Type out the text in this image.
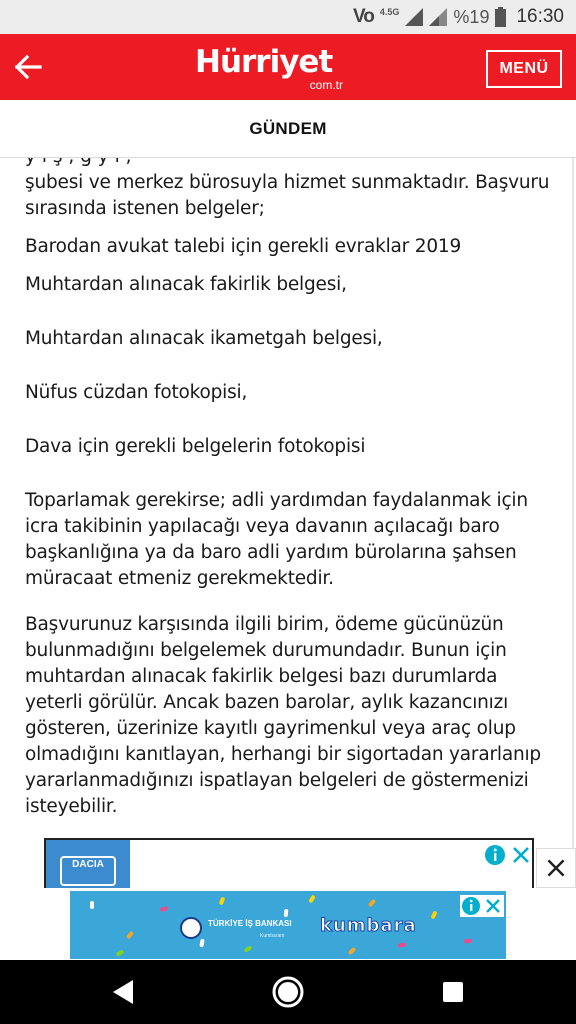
Vo 4.5G	%19 16:30
Hürriyet
com.tr
MENÜ
GÜNDEM
şubesi ve merkez bürosuyla hizmet sunmaktadır. Başvuru
sırasında istenen belgeler;
Barodan avukat talebi için gerekli evraklar 2019
Muhtardan alınacak fakirlik belgesi,
Muhtardan alınacak ikametgah belgesi,
Nüfus cüzdan fotokopisi,
Dava için gerekli belgelerin fotokopisi
Toparlamak gerekirse; adli yardımdan faydalanmak için
icra takibinin yapılacağı veya davanın açılacağı baro
başkanlığına ya da baro adli yardım bürolarına şahsen
müracaat etmeniz gerekmektedir.
Başvurunuz karşısında ilgili birim, ödeme gücünüzün
bulunmadığını belgelemek durumundadır. Bunun için
muhtardan alınacak fakirlik belgesi bazı durumlarda
yeterli görülür. Ancak bazen barolar, aylık kazancınızı
gösteren, üzerinize kayıtlı gayrimenkul veya araç olup
olmadığını kanıtlayan, herhangi bir sigortadan yararlanıp
yararlanmadığınızı ispatlayan belgeleri de göstermenizi
isteyebilir.
DACIA
TÜRKİYE İŞ BANKASI
Kumbaram kumbara
